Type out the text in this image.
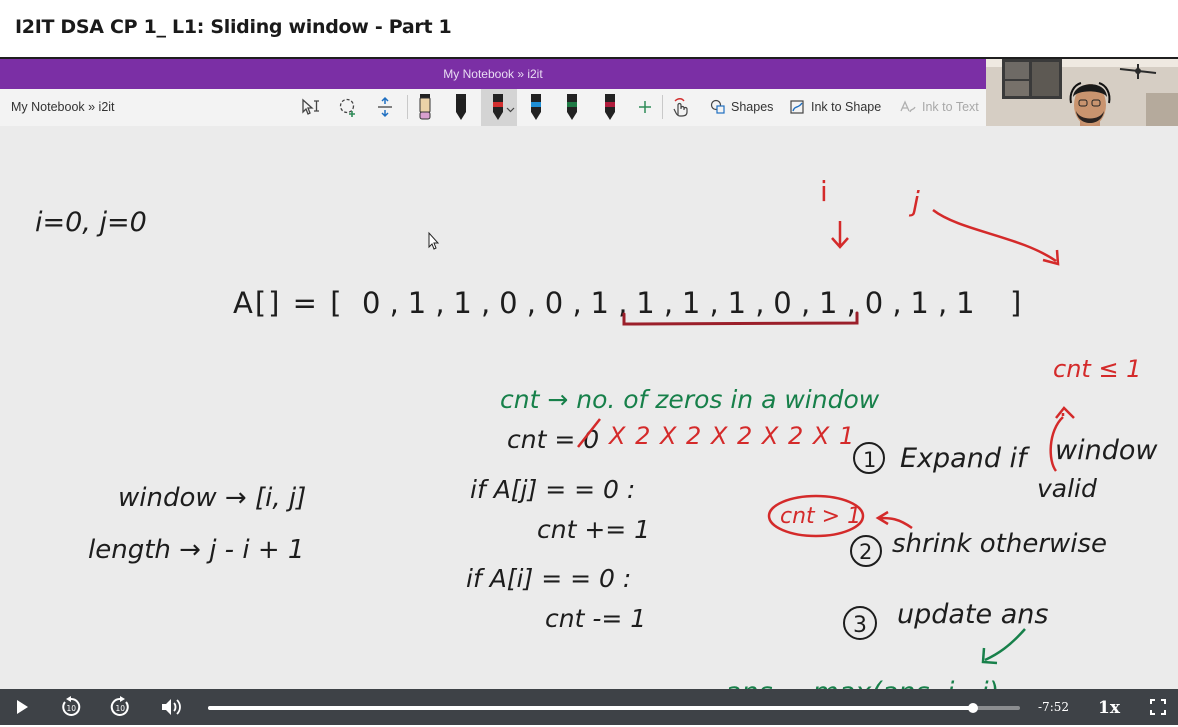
I2IT DSA CP 1_ L1: Sliding window - Part 1
My Notebook » i2it
My Notebook » i2it	Shapes	Ink to Shape	Ink to Text
i=0, j=0
A[] = [ 0 , 1 , 1 , 0 , 0 , 1 , 1 , 1 , 1 , 0 , 1 , 0 , 1 , 1 ]
window → [i, j]
length → j - i + 1
cnt = 0 X 2 X 2 X 2 X 2 X 1
if A[j] = = 0 :
cnt += 1
if A[i] = = 0 :
cnt -= 1
cnt → no. of zeros in a window
i	j
1 Expand if window
valid
cnt ≤ 1
cnt > 1
2 shrink otherwise
3 update ans
10	10	-7:52 1x
